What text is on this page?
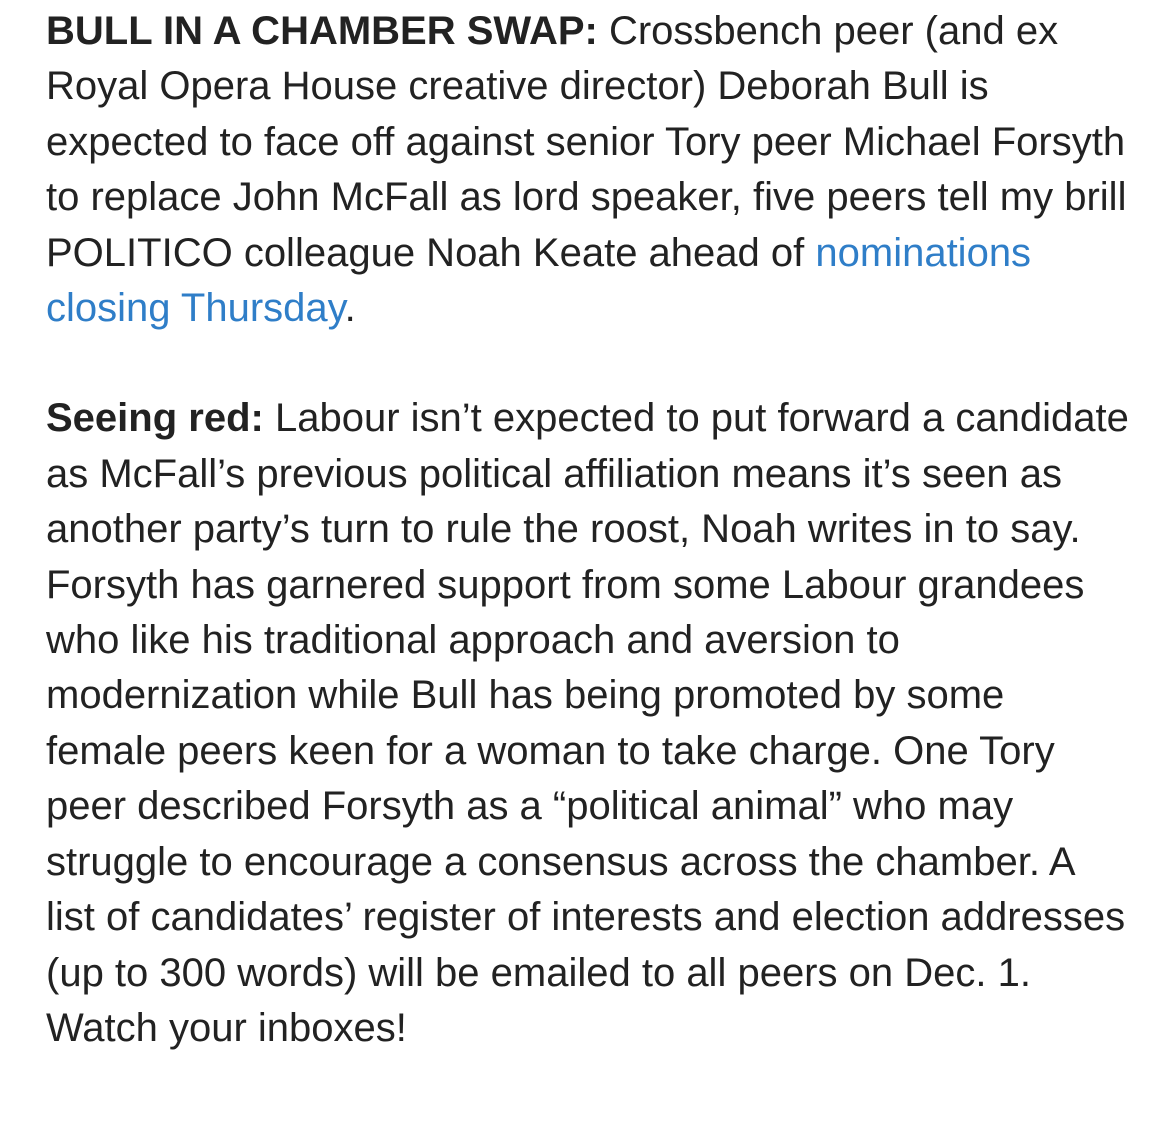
BULL IN A CHAMBER SWAP: Crossbench peer (and ex Royal Opera House creative director) Deborah Bull is expected to face off against senior Tory peer Michael Forsyth to replace John McFall as lord speaker, five peers tell my brill POLITICO colleague Noah Keate ahead of nominations closing Thursday.

Seeing red: Labour isn’t expected to put forward a candidate as McFall’s previous political affiliation means it’s seen as another party’s turn to rule the roost, Noah writes in to say. Forsyth has garnered support from some Labour grandees who like his traditional approach and aversion to modernization while Bull has being promoted by some female peers keen for a woman to take charge. One Tory peer described Forsyth as a “political animal” who may struggle to encourage a consensus across the chamber. A list of candidates’ register of interests and election addresses (up to 300 words) will be emailed to all peers on Dec. 1. Watch your inboxes!
